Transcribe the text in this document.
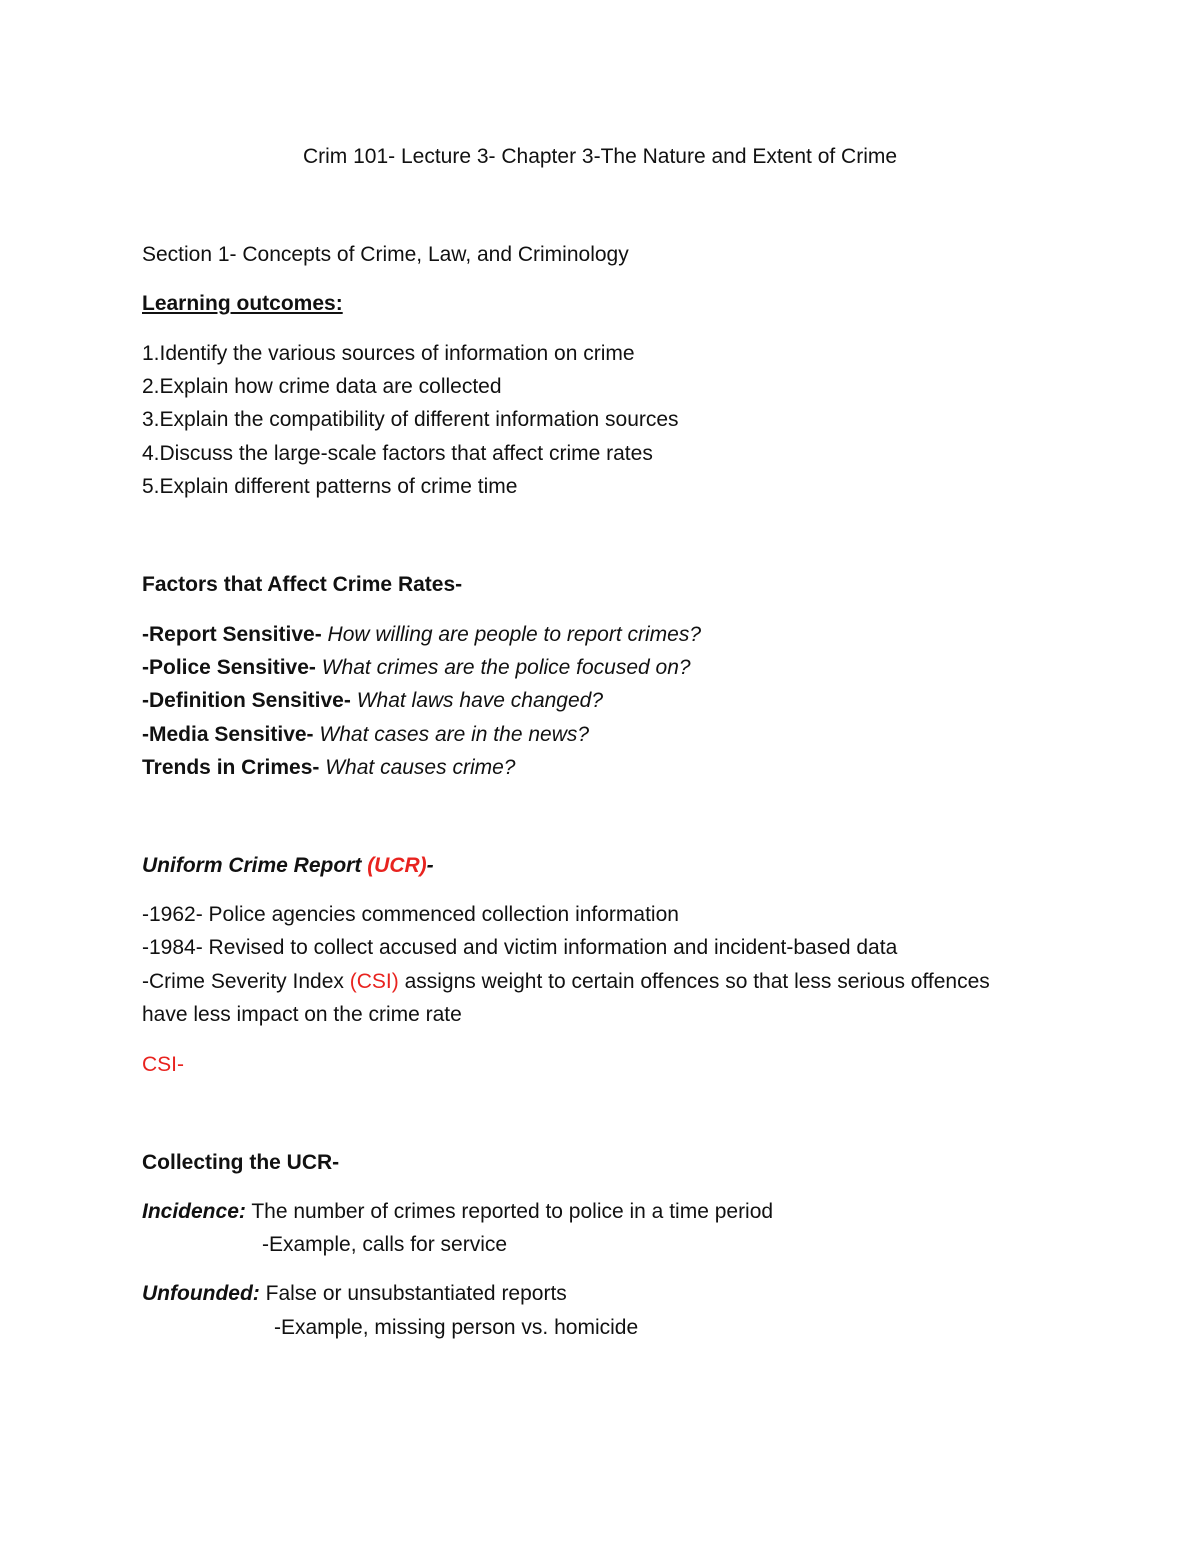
Crim 101- Lecture 3- Chapter 3-The Nature and Extent of Crime
Section 1- Concepts of Crime, Law, and Criminology
Learning outcomes:
1.Identify the various sources of information on crime
2.Explain how crime data are collected
3.Explain the compatibility of different information sources
4.Discuss the large-scale factors that affect crime rates
5.Explain different patterns of crime time
Factors that Affect Crime Rates-
-Report Sensitive- How willing are people to report crimes?
-Police Sensitive- What crimes are the police focused on?
-Definition Sensitive- What laws have changed?
-Media Sensitive- What cases are in the news?
Trends in Crimes- What causes crime?
Uniform Crime Report (UCR)-
-1962- Police agencies commenced collection information
-1984- Revised to collect accused and victim information and incident-based data
-Crime Severity Index (CSI) assigns weight to certain offences so that less serious offences
have less impact on the crime rate
CSI-
Collecting the UCR-
Incidence: The number of crimes reported to police in a time period
-Example, calls for service
Unfounded: False or unsubstantiated reports
-Example, missing person vs. homicide
